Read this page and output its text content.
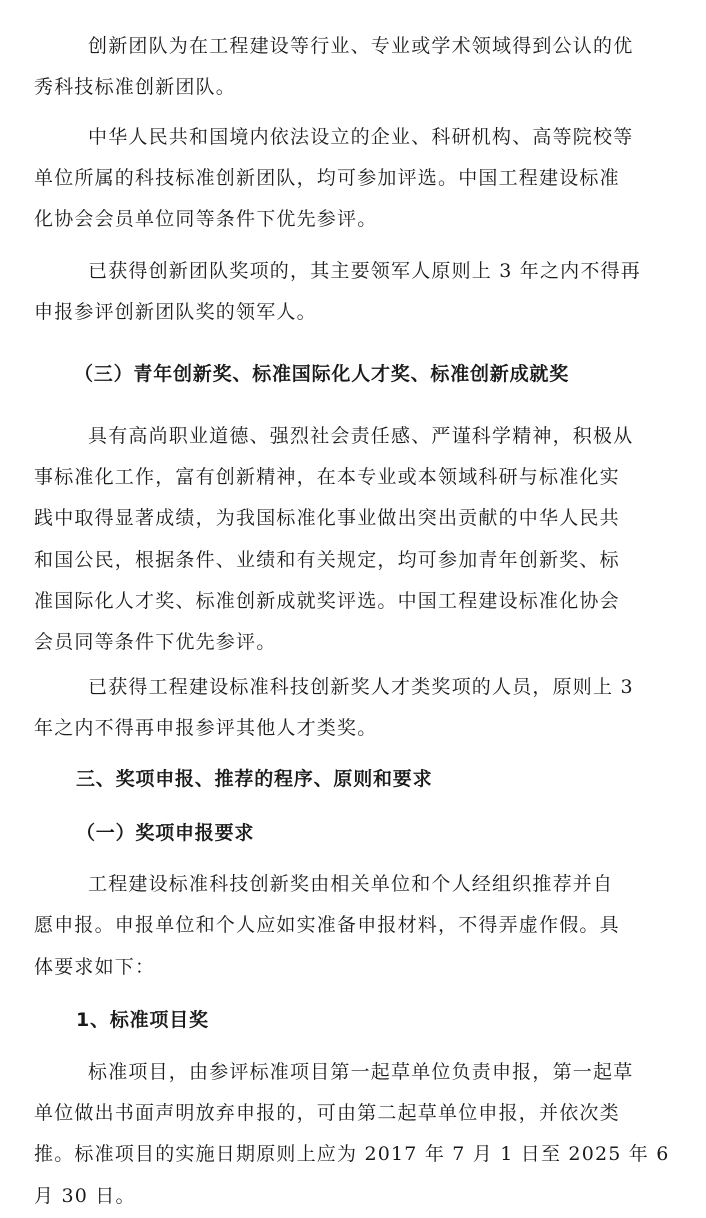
创新团队为在工程建设等行业、专业或学术领域得到公认的优
秀科技标准创新团队。
中华人民共和国境内依法设立的企业、科研机构、高等院校等
单位所属的科技标准创新团队，均可参加评选。中国工程建设标准
化协会会员单位同等条件下优先参评。
已获得创新团队奖项的，其主要领军人原则上 3 年之内不得再
申报参评创新团队奖的领军人。
（三）青年创新奖、标准国际化人才奖、标准创新成就奖
具有高尚职业道德、强烈社会责任感、严谨科学精神，积极从
事标准化工作，富有创新精神，在本专业或本领域科研与标准化实
践中取得显著成绩，为我国标准化事业做出突出贡献的中华人民共
和国公民，根据条件、业绩和有关规定，均可参加青年创新奖、标
准国际化人才奖、标准创新成就奖评选。中国工程建设标准化协会
会员同等条件下优先参评。
已获得工程建设标准科技创新奖人才类奖项的人员，原则上 3
年之内不得再申报参评其他人才类奖。
三、奖项申报、推荐的程序、原则和要求
（一）奖项申报要求
工程建设标准科技创新奖由相关单位和个人经组织推荐并自
愿申报。申报单位和个人应如实准备申报材料，不得弄虚作假。具
体要求如下：
1、标准项目奖
标准项目，由参评标准项目第一起草单位负责申报，第一起草
单位做出书面声明放弃申报的，可由第二起草单位申报，并依次类
推。标准项目的实施日期原则上应为 2017 年 7 月 1 日至 2025 年 6
月 30 日。
